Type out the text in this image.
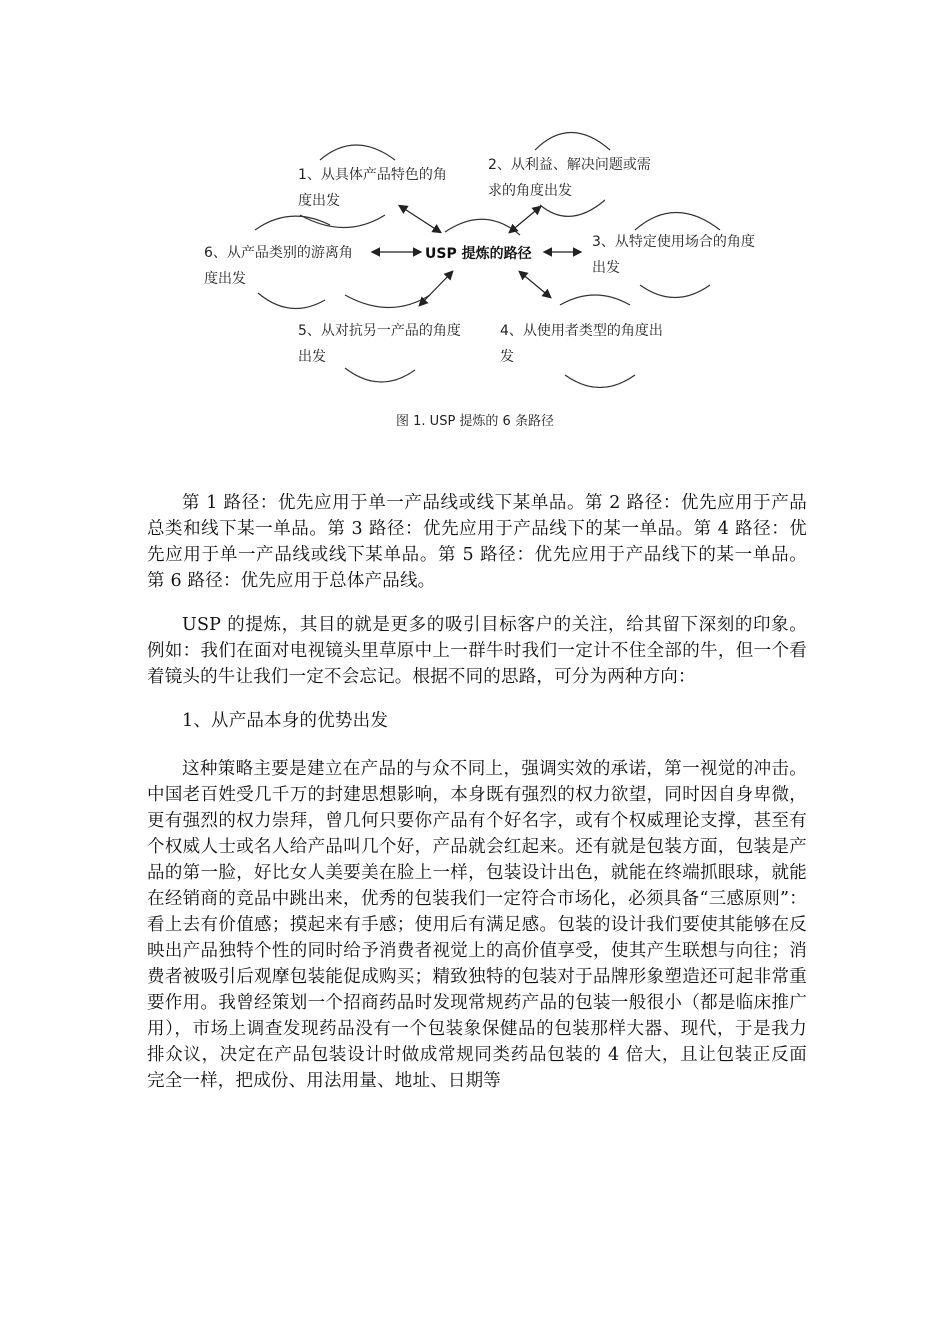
1、从具体产品特色的角度出发
2、从利益、解决问题或需求的角度出发
3、从特定使用场合的角度出发
4、从使用者类型的角度出发
5、从对抗另一产品的角度出发
6、从产品类别的游离角度出发
USP 提炼的路径
图 1. USP 提炼的 6 条路径

第 1 路径：优先应用于单一产品线或线下某单品。第 2 路径：优先应用于产品总类和线下某一单品。第 3 路径：优先应用于产品线下的某一单品。第 4 路径：优先应用于单一产品线或线下某单品。第 5 路径：优先应用于产品线下的某一单品。第 6 路径：优先应用于总体产品线。

USP 的提炼，其目的就是更多的吸引目标客户的关注，给其留下深刻的印象。例如：我们在面对电视镜头里草原中上一群牛时我们一定计不住全部的牛，但一个看着镜头的牛让我们一定不会忘记。根据不同的思路，可分为两种方向：

1、从产品本身的优势出发

这种策略主要是建立在产品的与众不同上，强调实效的承诺，第一视觉的冲击。中国老百姓受几千万的封建思想影响，本身既有强烈的权力欲望，同时因自身卑微，更有强烈的权力崇拜，曾几何只要你产品有个好名字，或有个权威理论支撑，甚至有个权威人士或名人给产品叫几个好，产品就会红起来。还有就是包装方面，包装是产品的第一脸，好比女人美要美在脸上一样，包装设计出色，就能在终端抓眼球，就能在经销商的竞品中跳出来，优秀的包装我们一定符合市场化，必须具备“三感原则”：看上去有价值感；摸起来有手感；使用后有满足感。包装的设计我们要使其能够在反映出产品独特个性的同时给予消费者视觉上的高价值享受，使其产生联想与向往；消费者被吸引后观摩包装能促成购买；精致独特的包装对于品牌形象塑造还可起非常重要作用。我曾经策划一个招商药品时发现常规药产品的包装一般很小（都是临床推广用），市场上调查发现药品没有一个包装象保健品的包装那样大器、现代，于是我力排众议，决定在产品包装设计时做成常规同类药品包装的 4 倍大，且让包装正反面完全一样，把成份、用法用量、地址、日期等
